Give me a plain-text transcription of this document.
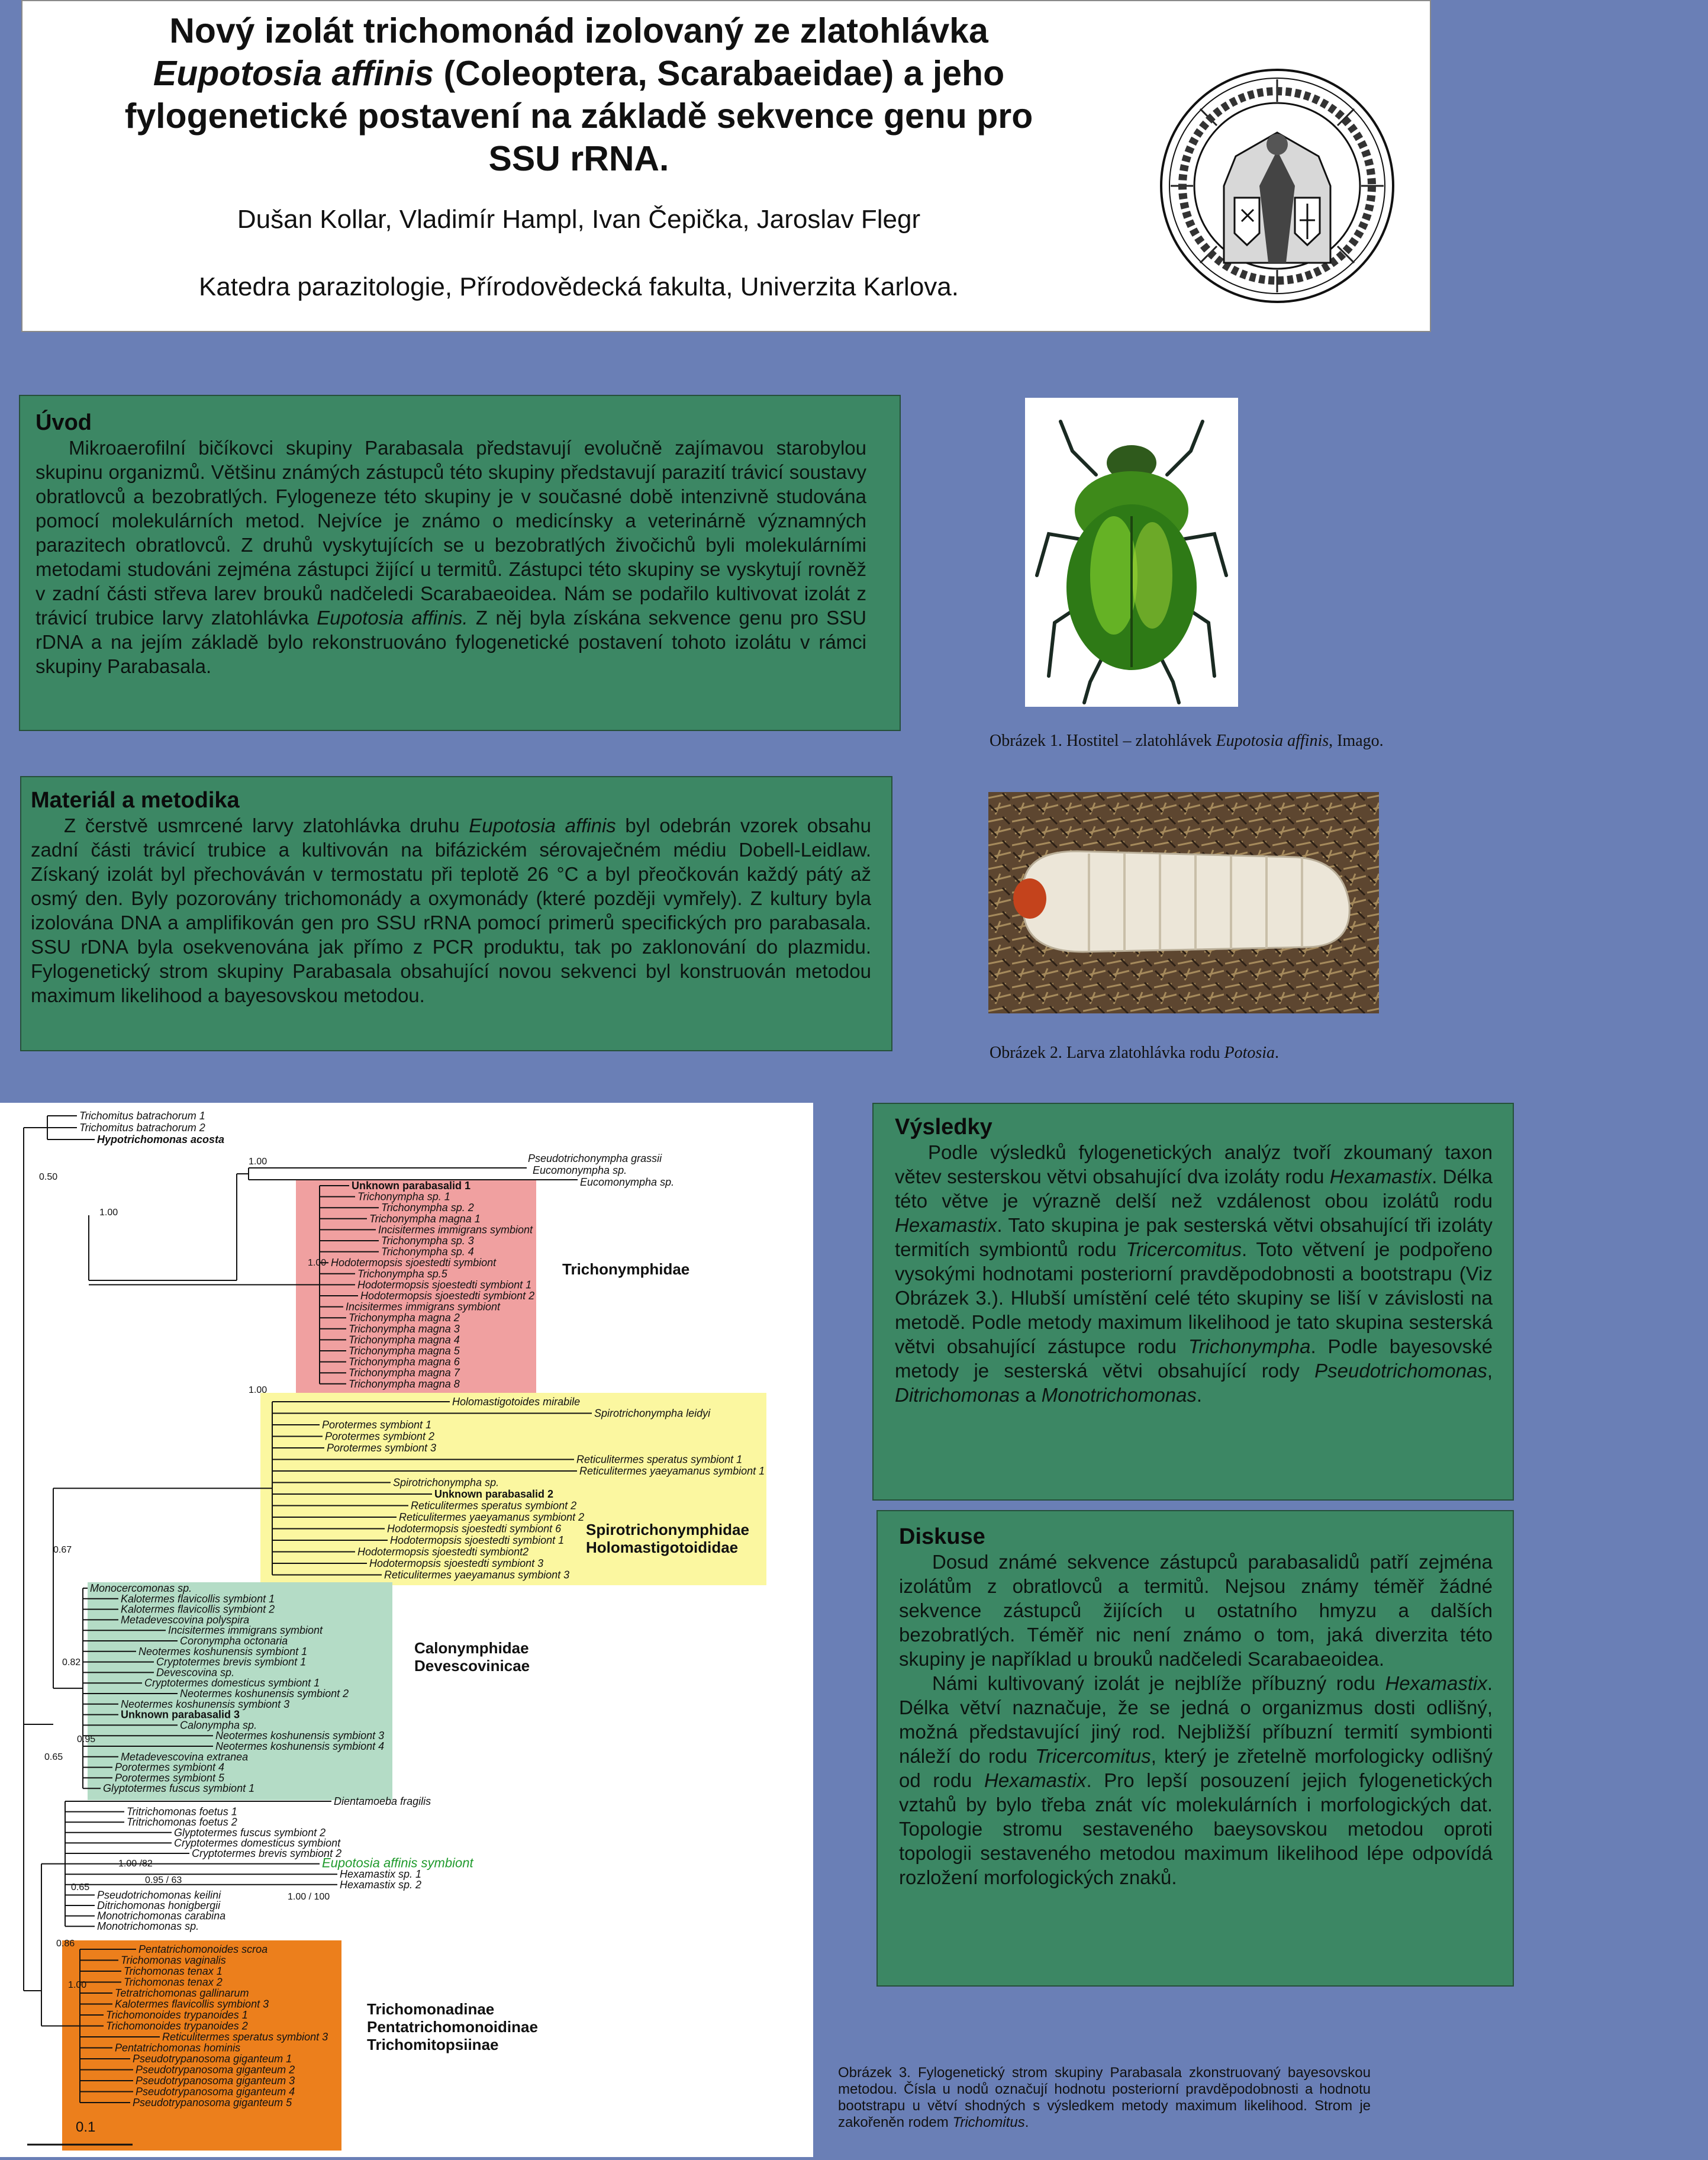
Nový izolát trichomonád izolovaný ze zlatohlávka
Eupotosia affinis (Coleoptera, Scarabaeidae) a jeho
fylogenetické postavení na základě sekvence genu pro
SSU rRNA.
Dušan Kollar, Vladimír Hampl, Ivan Čepička, Jaroslav Flegr
Katedra parazitologie, Přírodovědecká fakulta, Univerzita Karlova.
Úvod

Mikroaerofilní bičíkovci skupiny Parabasala představují evolučně zajímavou starobylou skupinu organizmů. Většinu známých zástupců této skupiny představují parazití trávicí soustavy obratlovců a bezobratlých. Fylogeneze této skupiny je v současné době intenzivně studována pomocí molekulárních metod. Nejvíce je známo o medicínsky a veterinárně významných parazitech obratlovců. Z druhů vyskytujících se u bezobratlých živočichů byli molekulárními metodami studováni zejména zástupci žijící u termitů. Zástupci této skupiny se vyskytují rovněž v zadní části střeva larev brouků nadčeledi Scarabaeoidea. Nám se podařilo kultivovat izolát z trávicí trubice larvy zlatohlávka Eupotosia affinis. Z něj byla získána sekvence genu pro SSU rDNA a na jejím základě bylo rekonstruováno fylogenetické postavení tohoto izolátu v rámci skupiny Parabasala.

Materiál a metodika

Z čerstvě usmrcené larvy zlatohlávka druhu Eupotosia affinis byl odebrán vzorek obsahu zadní části trávicí trubice a kultivován na bifázickém sérovaječném médiu Dobell-Leidlaw. Získaný izolát byl přechováván v termostatu při teplotě 26 °C a byl přeočkován každý pátý až osmý den. Byly pozorovány trichomonády a oxymonády (které později vymřely). Z kultury byla izolována DNA a amplifikován gen pro SSU rRNA pomocí primerů specifických pro parabasala. SSU rDNA byla osekvenována jak přímo z PCR produktu, tak po zaklonování do plazmidu. Fylogenetický strom skupiny Parabasala obsahující novou sekvenci byl konstruován metodou maximum likelihood a bayesovskou metodou.

Obrázek 1. Hostitel – zlatohlávek Eupotosia affinis, Imago.
Obrázek 2. Larva zlatohlávka rodu Potosia.
Výsledky

Podle výsledků fylogenetických analýz tvoří zkoumaný taxon větev sesterskou větvi obsahující dva izoláty rodu Hexamastix. Délka této větve je výrazně delší než vzdálenost obou izolátů rodu Hexamastix. Tato skupina je pak sesterská větvi obsahující tři izoláty termitích symbiontů rodu Tricercomitus. Toto větvení je podpořeno vysokými hodnotami posteriorní pravděpodobnosti a bootstrapu (Viz Obrázek 3.). Hlubší umístění celé této skupiny se liší v závislosti na metodě. Podle metody maximum likelihood je tato skupina sesterská větvi obsahující zástupce rodu Trichonympha. Podle bayesovské metody je sesterská větvi obsahující rody Pseudotrichomonas, Ditrichomonas a Monotrichomonas.

Diskuse

Dosud známé sekvence zástupců parabasalidů patří zejména izolátům z obratlovců a termitů. Nejsou známy téměř žádné sekvence zástupců žijících u ostatního hmyzu a dalších bezobratlých. Téměř nic není známo o tom, jaká diverzita této skupiny je například u brouků nadčeledi Scarabaeoidea.

Námi kultivovaný izolát je nejblíže příbuzný rodu Hexamastix. Délka větví naznačuje, že se jedná o organizmus dosti odlišný, možná představující jiný rod. Nejbližší příbuzní termití symbionti náleží do rodu Tricercomitus, který je zřetelně morfologicky odlišný od rodu Hexamastix. Pro lepší posouzení jejich fylogenetických vztahů by bylo třeba znát víc molekulárních i morfologických dat. Topologie stromu sestaveného baeysovskou metodou oproti topologii sestaveného metodou maximum likelihood lépe odpovídá rozložení morfologických znaků.

Trichomitus batrachorum 1
Trichomitus batrachorum 2
Hypotrichomonas acosta
Pseudotrichonympha grassii
Eucomonympha sp.
Eucomonympha sp.
Unknown parabasalid 1
Trichonympha sp. 1
Trichonympha sp. 2
Trichonympha magna 1
Incisitermes immigrans symbiont
Trichonympha sp. 3
Trichonympha sp. 4
Hodotermopsis sjoestedti symbiont
Trichonympha sp.5
Hodotermopsis sjoestedti symbiont 1
Hodotermopsis sjoestedti symbiont 2
Incisitermes immigrans symbiont
Trichonympha magna 2
Trichonympha magna 3
Trichonympha magna 4
Trichonympha magna 5
Trichonympha magna 6
Trichonympha magna 7
Trichonympha magna 8
Holomastigotoides mirabile
Spirotrichonympha leidyi
Porotermes symbiont 1
Porotermes symbiont 2
Porotermes symbiont 3
Reticulitermes speratus symbiont 1
Reticulitermes yaeyamanus symbiont 1
Spirotrichonympha sp.
Unknown parabasalid 2
Reticulitermes speratus symbiont 2
Reticulitermes yaeyamanus symbiont 2
Hodotermopsis sjoestedti symbiont 6
Hodotermopsis sjoestedti symbiont 1
Hodotermopsis sjoestedti symbiont2
Hodotermopsis sjoestedti symbiont 3
Reticulitermes yaeyamanus symbiont 3
Monocercomonas sp.
Kalotermes flavicollis symbiont 1
Kalotermes flavicollis symbiont 2
Metadevescovina polyspira
Incisitermes immigrans symbiont
Coronympha octonaria
Neotermes koshunensis symbiont 1
Cryptotermes brevis symbiont 1
Devescovina sp.
Cryptotermes domesticus symbiont 1
Neotermes koshunensis symbiont 2
Neotermes koshunensis symbiont 3
Unknown parabasalid 3
Calonympha sp.
Neotermes koshunensis symbiont 3
Neotermes koshunensis symbiont 4
Metadevescovina extranea
Porotermes symbiont 4
Porotermes symbiont 5
Glyptotermes fuscus symbiont 1
Dientamoeba fragilis
Tritrichomonas foetus 1
Tritrichomonas foetus 2
Glyptotermes fuscus symbiont 2
Cryptotermes domesticus symbiont
Cryptotermes brevis symbiont 2
Eupotosia affinis symbiont
Hexamastix sp. 1
Hexamastix sp. 2
Pseudotrichomonas keilini
Ditrichomonas honigbergii
Monotrichomonas carabina
Monotrichomonas sp.
Pentatrichomonoides scroa
Trichomonas vaginalis
Trichomonas tenax 1
Trichomonas tenax 2
Tetratrichomonas gallinarum
Kalotermes flavicollis symbiont 3
Trichomonoides trypanoides 1
Trichomonoides trypanoides 2
Reticulitermes speratus symbiont 3
Pentatrichomonas hominis
Pseudotrypanosoma giganteum 1
Pseudotrypanosoma giganteum 2
Pseudotrypanosoma giganteum 3
Pseudotrypanosoma giganteum 4
Pseudotrypanosoma giganteum 5
0.50
1.00
1.00
1.00
1.00
0.67
0.82
0.95
0.65
1.00 /82
0.95 / 63
1.00 / 100
0.65
0.86
1.00
Trichonymphidae
Spirotrichonymphidae
Holomastigotoididae
Calonymphidae
Devescovinicae
Trichomonadinae
Pentatrichomonoidinae
Trichomitopsiinae
0.1
Obrázek 3. Fylogenetický strom skupiny Parabasala zkonstruovaný bayesovskou metodou. Čísla u nodů označují hodnotu posteriorní pravděpodobnosti a hodnotu bootstrapu u větví shodných s výsledkem metody maximum likelihood. Strom je zakořeněn rodem Trichomitus.
